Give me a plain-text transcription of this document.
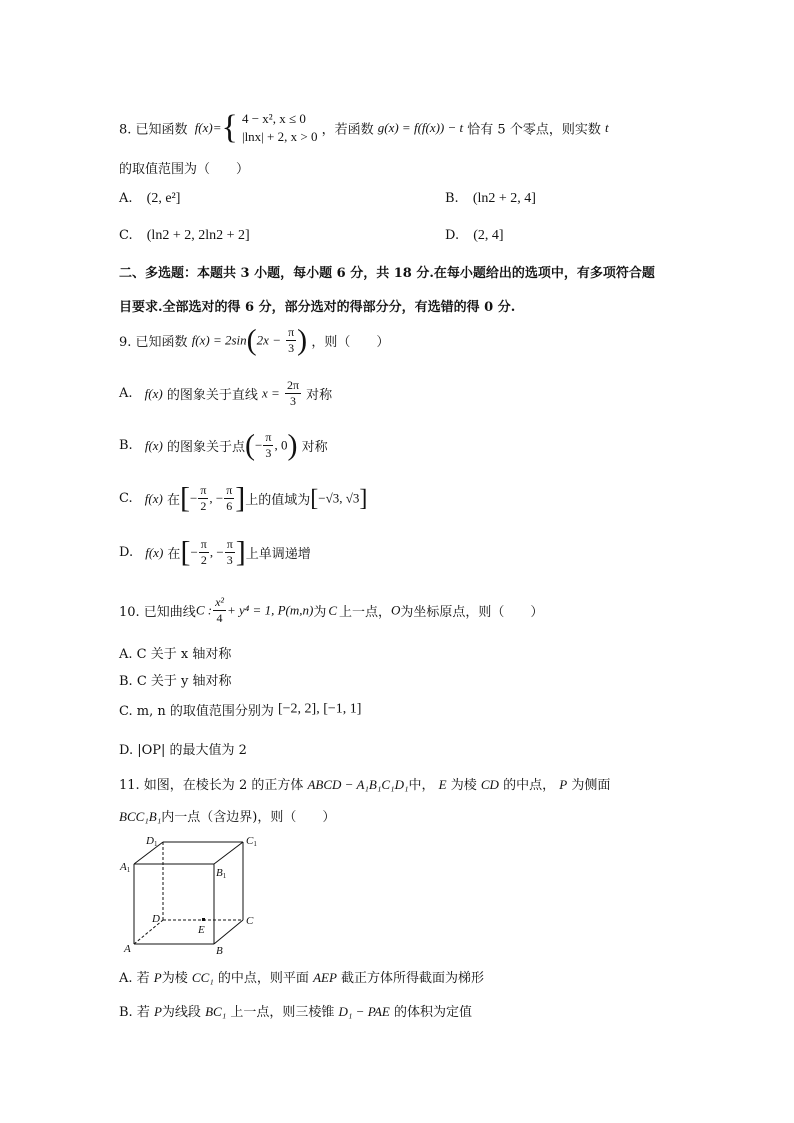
8. 已知函数 f(x)={ 4 − x², x ≤ 0
|lnx| + 2, x > 0 ，若函数 g(x) = f(f(x)) − t 恰有 5 个零点，则实数 t
的取值范围为（　　）
A. (2, e²]	B. (ln2 + 2, 4]
C. (ln2 + 2, 2ln2 + 2]	D. (2, 4]
二、多选题：本题共 3 小题，每小题 6 分，共 18 分.在每小题给出的选项中，有多项符合题
目要求.全部选对的得 6 分，部分选对的得部分分，有选错的得 0 分.
9. 已知函数 $f(x) = 2\sin(2x - \frac{\pi}{3}$ ) ，则（　　）
A. f(x) 的图象关于直线 $x = \frac{2\pi}{3}$ 对称
B. f(x) 的图象关于点(− $\frac{\pi}{3}$ , 0) 对称
C. f(x) 在[− $\frac{\pi}{2}$ , − $\frac{\pi}{6}$ ]上的值域为[−√3, √3]
D. f(x) 在[− $\frac{\pi}{2}$ , − $\frac{\pi}{3}$ ]上单调递增
10. 已知曲线C : $\frac{\text{x²}}{4} + y^4 = 1$, P(m,n)为 C 上一点，O为坐标原点，则（　　）
A. C 关于 x 轴对称
B. C 关于 y 轴对称
C. m, n 的取值范围分别为 [−2, 2], [−1, 1]
D. |OP| 的最大值为 2
11. 如图，在棱长为 2 的正方体 ABCD − A₁B₁C₁D₁中， E 为棱 CD 的中点， P 为侧面
BCC₁B₁内一点（含边界)，则（　　）
D1	C1
A1	B1
D	C
E
A	B
A. 若 P为棱 CC₁ 的中点，则平面 AEP 截正方体所得截面为梯形
B. 若 P为线段 BC₁ 上一点，则三棱锥 D₁ − PAE 的体积为定值
